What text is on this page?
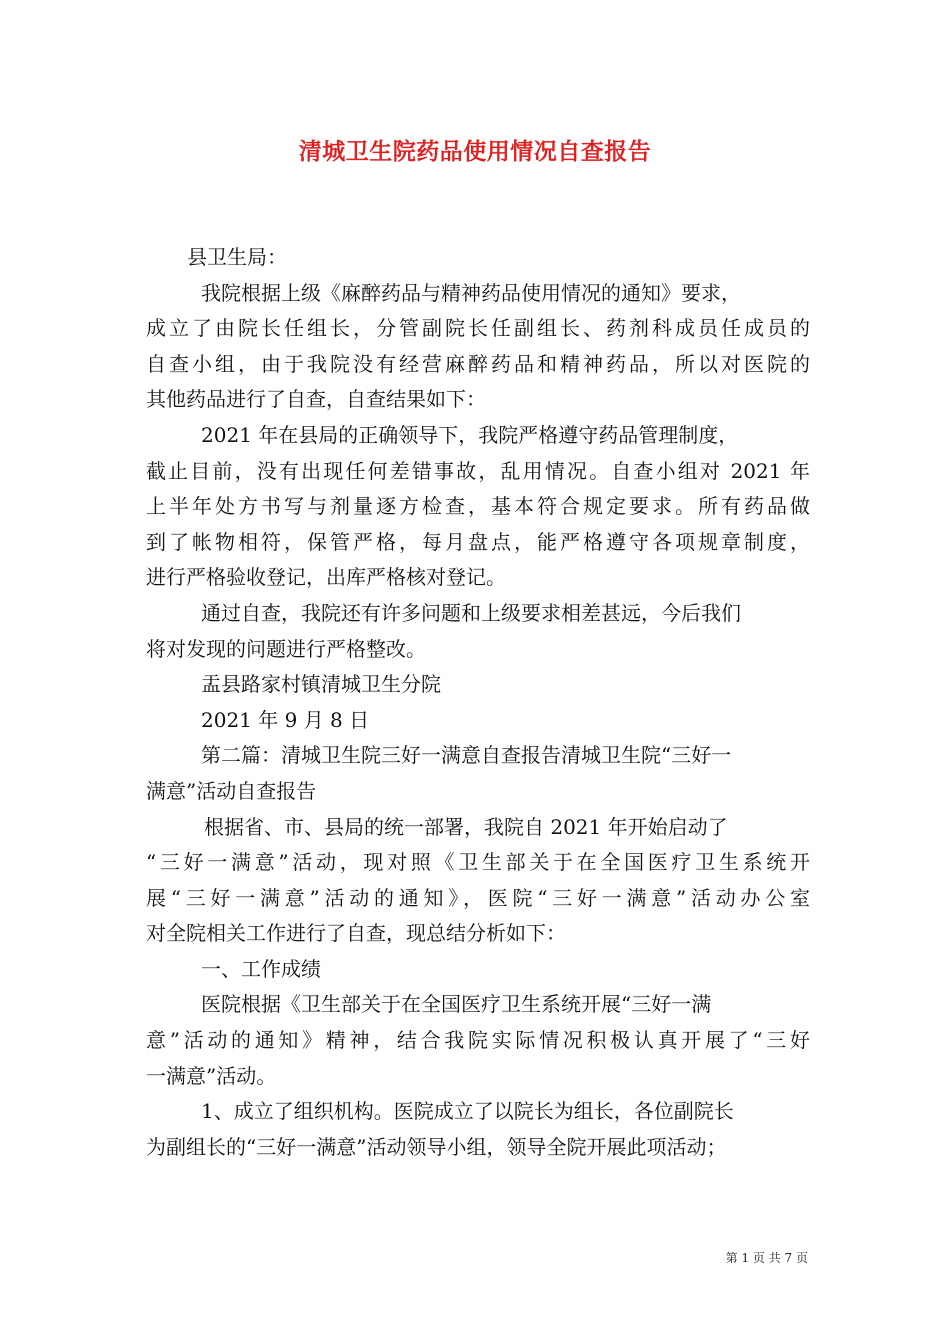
清城卫生院药品使用情况自查报告
县卫生局：
我院根据上级《麻醉药品与精神药品使用情况的通知》要求，
成立了由院长任组长，分管副院长任副组长、药剂科成员任成员的
自查小组，由于我院没有经营麻醉药品和精神药品，所以对医院的
其他药品进行了自查，自查结果如下：
2021 年在县局的正确领导下，我院严格遵守药品管理制度，
截止目前，没有出现任何差错事故，乱用情况。自查小组对 2021 年
上半年处方书写与剂量逐方检查，基本符合规定要求。所有药品做
到了帐物相符，保管严格，每月盘点，能严格遵守各项规章制度，
进行严格验收登记，出库严格核对登记。
通过自查，我院还有许多问题和上级要求相差甚远，今后我们
将对发现的问题进行严格整改。
盂县路家村镇清城卫生分院
2021 年 9 月 8 日
第二篇：清城卫生院三好一满意自查报告清城卫生院“三好一
满意”活动自查报告
根据省、市、县局的统一部署，我院自 2021 年开始启动了
“三好一满意”活动，现对照《卫生部关于在全国医疗卫生系统开
展“三好一满意”活动的通知》，医院“三好一满意”活动办公室
对全院相关工作进行了自查，现总结分析如下：
一、工作成绩
医院根据《卫生部关于在全国医疗卫生系统开展“三好一满
意”活动的通知》精神，结合我院实际情况积极认真开展了“三好
一满意”活动。
1、成立了组织机构。医院成立了以院长为组长，各位副院长
为副组长的“三好一满意”活动领导小组，领导全院开展此项活动；
第 1 页 共 7 页
